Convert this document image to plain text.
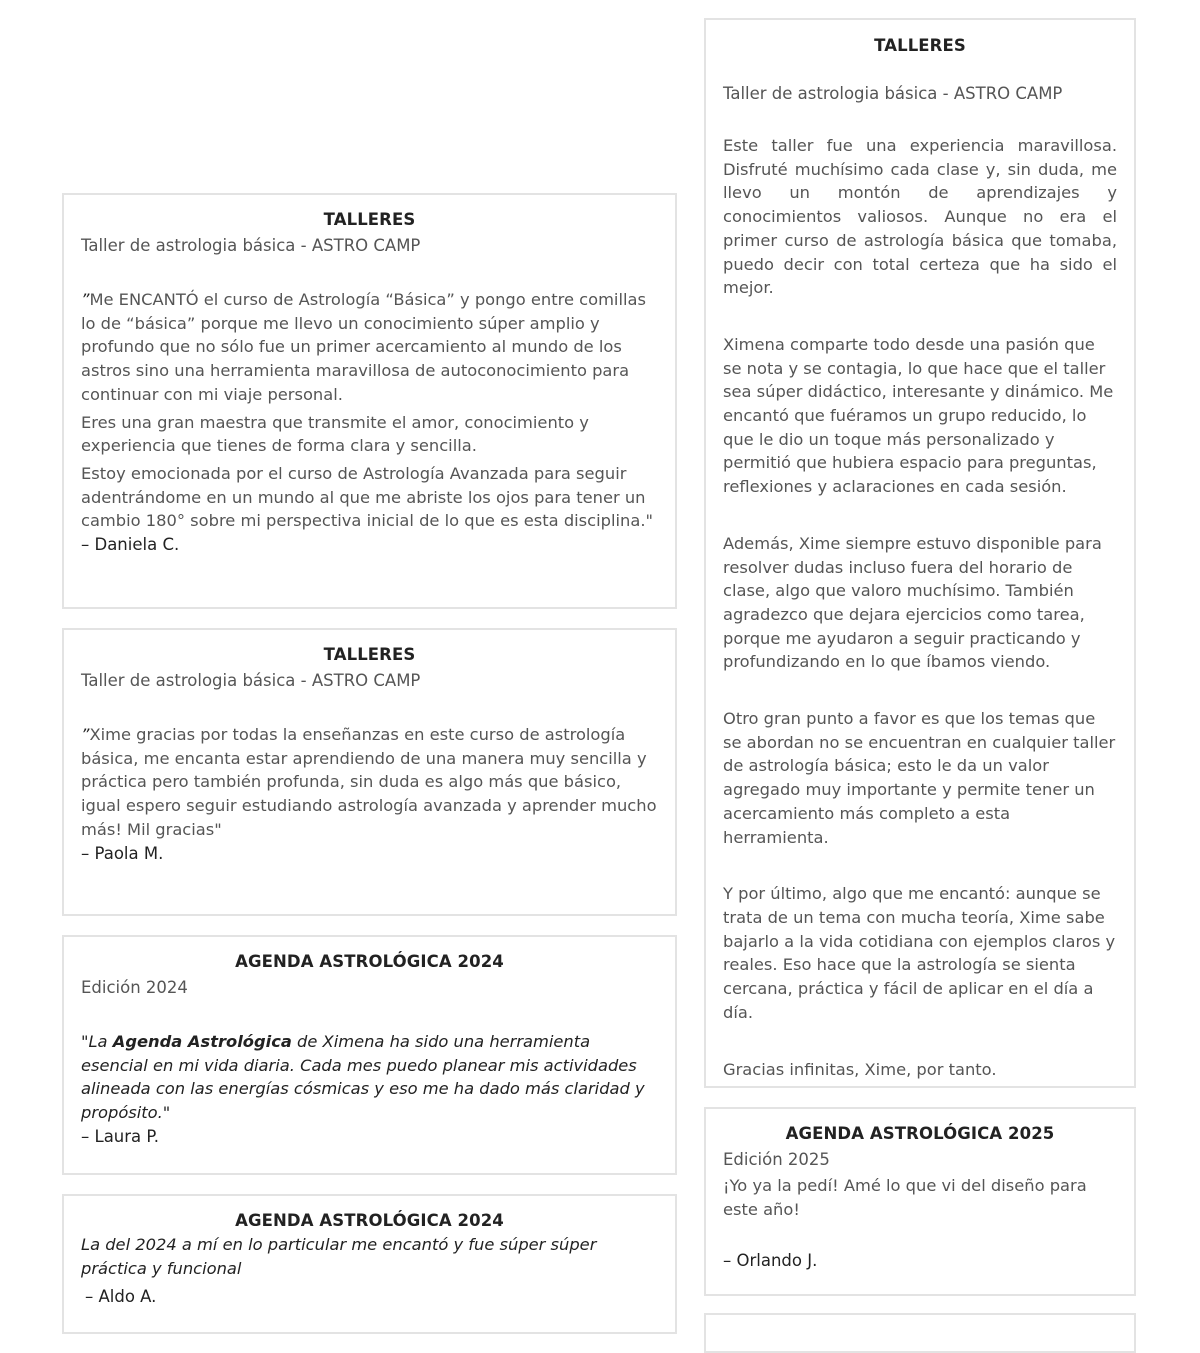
TALLERES
Taller de astrologia básica - ASTRO CAMP
”Me ENCANTÓ el curso de Astrología “Básica” y pongo entre comillas lo de “básica” porque me llevo un conocimiento súper amplio y profundo que no sólo fue un primer acercamiento al mundo de los astros sino una herramienta maravillosa de autoconocimiento para continuar con mi viaje personal.
Eres una gran maestra que transmite el amor, conocimiento y experiencia que tienes de forma clara y sencilla.
Estoy emocionada por el curso de Astrología Avanzada para seguir adentrándome en un mundo al que me abriste los ojos para tener un cambio 180° sobre mi perspectiva inicial de lo que es esta disciplina."
– Daniela C.
TALLERES
Taller de astrologia básica - ASTRO CAMP
”Xime gracias por todas la enseñanzas en este curso de astrología básica, me encanta estar aprendiendo de una manera muy sencilla y práctica pero también profunda, sin duda es algo más que básico, igual espero seguir estudiando astrología avanzada y aprender mucho más! Mil gracias"
– Paola M.
AGENDA ASTROLÓGICA 2024
Edición 2024
"La Agenda Astrológica de Ximena ha sido una herramienta esencial en mi vida diaria. Cada mes puedo planear mis actividades alineada con las energías cósmicas y eso me ha dado más claridad y propósito."
– Laura P.
AGENDA ASTROLÓGICA 2024
La del 2024 a mí en lo particular me encantó y fue súper súper práctica y funcional
– Aldo A.
TALLERES
Taller de astrologia básica - ASTRO CAMP
Este taller fue una experiencia maravillosa. Disfruté muchísimo cada clase y, sin duda, me llevo un montón de aprendizajes y conocimientos valiosos. Aunque no era el primer curso de astrología básica que tomaba, puedo decir con total certeza que ha sido el mejor.
Ximena comparte todo desde una pasión que se nota y se contagia, lo que hace que el taller sea súper didáctico, interesante y dinámico. Me encantó que fuéramos un grupo reducido, lo que le dio un toque más personalizado y permitió que hubiera espacio para preguntas, reflexiones y aclaraciones en cada sesión.
Además, Xime siempre estuvo disponible para resolver dudas incluso fuera del horario de clase, algo que valoro muchísimo. También agradezco que dejara ejercicios como tarea, porque me ayudaron a seguir practicando y profundizando en lo que íbamos viendo.
Otro gran punto a favor es que los temas que se abordan no se encuentran en cualquier taller de astrología básica; esto le da un valor agregado muy importante y permite tener un acercamiento más completo a esta herramienta.
Y por último, algo que me encantó: aunque se trata de un tema con mucha teoría, Xime sabe bajarlo a la vida cotidiana con ejemplos claros y reales. Eso hace que la astrología se sienta cercana, práctica y fácil de aplicar en el día a día.
Gracias infinitas, Xime, por tanto.
AGENDA ASTROLÓGICA 2025
Edición 2025
¡Yo ya la pedí! Amé lo que vi del diseño para este año!
– Orlando J.
